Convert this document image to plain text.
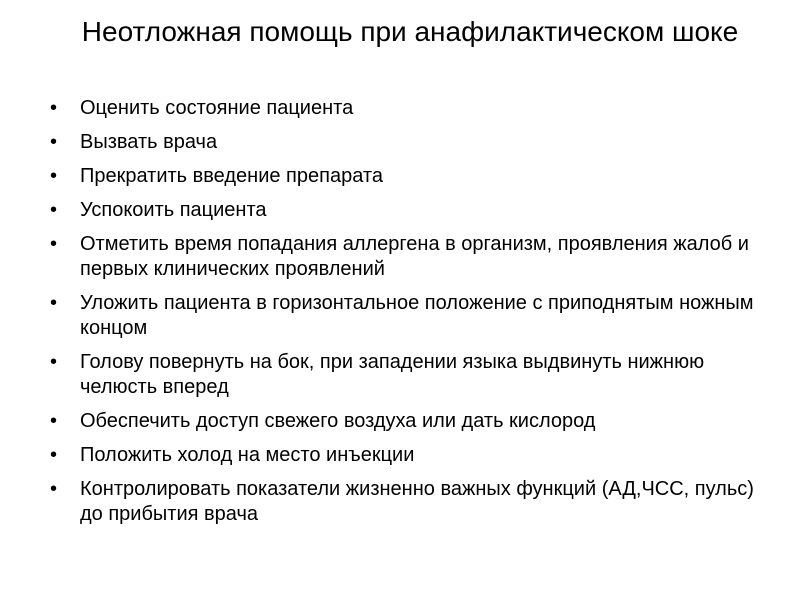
Неотложная помощь при анафилактическом шоке
•	Оценить состояние пациента
•	Вызвать врача
•	Прекратить введение препарата
•	Успокоить пациента
•	Отметить время попадания аллергена в организм, проявления жалоб и первых клинических проявлений
•	Уложить пациента в горизонтальное положение с приподнятым ножным концом
•	Голову повернуть на бок, при западении языка выдвинуть нижнюю челюсть вперед
•	Обеспечить доступ свежего воздуха или дать кислород
•	Положить холод на место инъекции
•	Контролировать показатели жизненно важных функций (АД,ЧСС, пульс) до прибытия врача
